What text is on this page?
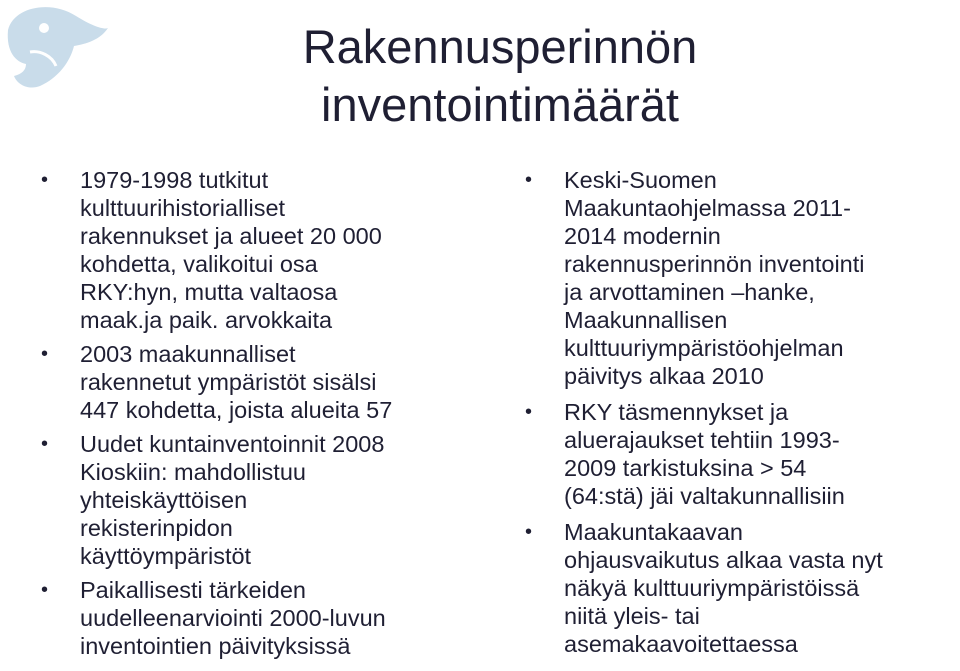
Rakennusperinnön
inventointimäärät
• 1979-1998 tutkitut
kulttuurihistorialliset
rakennukset ja alueet 20 000
kohdetta, valikoitui osa
RKY:hyn, mutta valtaosa
maak.ja paik. arvokkaita
• 2003 maakunnalliset
rakennetut ympäristöt sisälsi
447 kohdetta, joista alueita 57
• Uudet kuntainventoinnit 2008
Kioskiin: mahdollistuu
yhteiskäyttöisen
rekisterinpidon
käyttöympäristöt
• Paikallisesti tärkeiden
uudelleenarviointi 2000-luvun
inventointien päivityksissä
• Keski-Suomen
Maakuntaohjelmassa 2011-
2014 modernin
rakennusperinnön inventointi
ja arvottaminen –hanke,
Maakunnallisen
kulttuuriympäristöohjelman
päivitys alkaa 2010
• RKY täsmennykset ja
aluerajaukset tehtiin 1993-
2009 tarkistuksina > 54
(64:stä) jäi valtakunnallisiin
• Maakuntakaavan
ohjausvaikutus alkaa vasta nyt
näkyä kulttuuriympäristöissä
niitä yleis- tai
asemakaavoitettaessa
